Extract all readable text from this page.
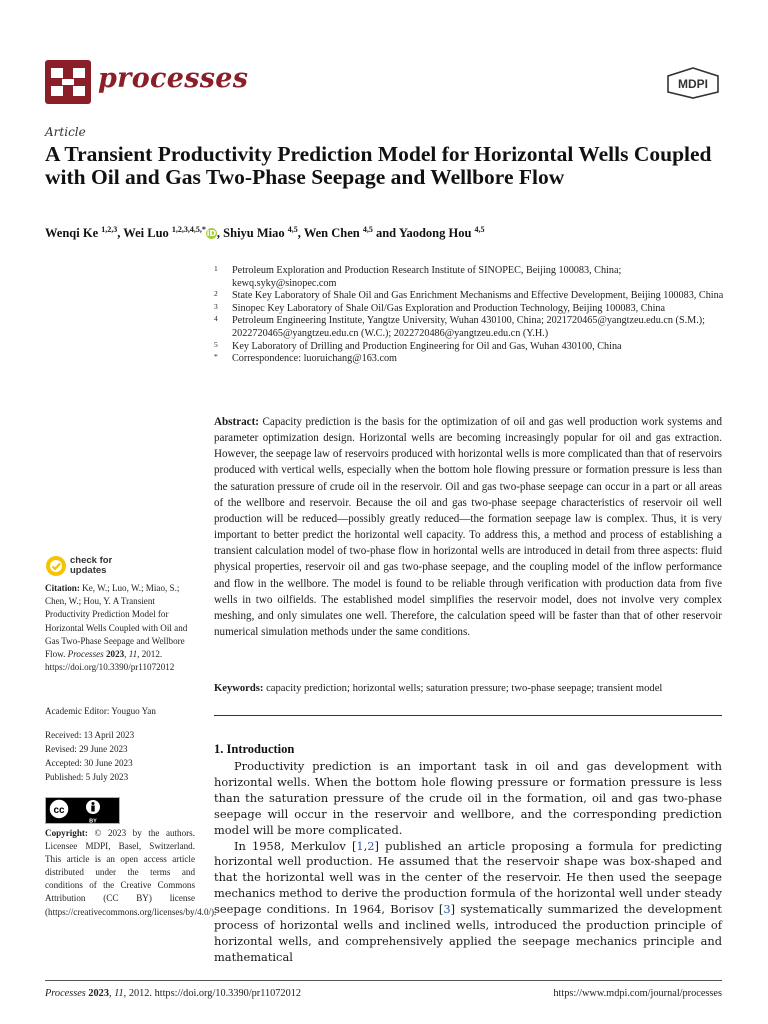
processes	MDPI
Article
A Transient Productivity Prediction Model for Horizontal Wells Coupled with Oil and Gas Two-Phase Seepage and Wellbore Flow
Wenqi Ke $^{1,2,3}$, Wei Luo $^{1,2,3,4,5,*}$iD, Shiyu Miao $^{4,5}$, Wen Chen $^{4,5}$ and Yaodong Hou $^{4,5}$
1 Petroleum Exploration and Production Research Institute of SINOPEC, Beijing 100083, China; kewq.syky@sinopec.com
2 State Key Laboratory of Shale Oil and Gas Enrichment Mechanisms and Effective Development, Beijing 100083, China
3 Sinopec Key Laboratory of Shale Oil/Gas Exploration and Production Technology, Beijing 100083, China
4 Petroleum Engineering Institute, Yangtze University, Wuhan 430100, China; 2021720465@yangtzeu.edu.cn (S.M.); 2022720465@yangtzeu.edu.cn (W.C.); 2022720486@yangtzeu.edu.cn (Y.H.)
5 Key Laboratory of Drilling and Production Engineering for Oil and Gas, Wuhan 430100, China
* Correspondence: luoruichang@163.com
Abstract: Capacity prediction is the basis for the optimization of oil and gas well production work systems and parameter optimization design. Horizontal wells are becoming increasingly popular for oil and gas extraction. However, the seepage law of reservoirs produced with horizontal wells is more complicated than that of reservoirs produced with vertical wells, especially when the bottom hole flowing pressure or formation pressure is less than the saturation pressure of crude oil in the reservoir. Oil and gas two-phase seepage can occur in a part or all areas of the wellbore and reservoir. Because the oil and gas two-phase seepage characteristics of reservoir oil well production will be reduced—possibly greatly reduced—the formation seepage law is complex. Thus, it is very important to better predict the horizontal well capacity. To address this, a method and process of establishing a transient calculation model of two-phase flow in horizontal wells are introduced in detail from three aspects: fluid physical properties, reservoir oil and gas two-phase seepage, and the coupling model of the inflow performance and flow in the wellbore. The model is found to be reliable through verification with production data from five wells in two oilfields. The established model simplifies the reservoir model, does not involve very complex meshing, and only simulates one well. Therefore, the calculation speed will be faster than that of other reservoir numerical simulation methods under the same conditions.
Keywords: capacity prediction; horizontal wells; saturation pressure; two-phase seepage; transient model
1. Introduction

Productivity prediction is an important task in oil and gas development with horizontal wells. When the bottom hole flowing pressure or formation pressure is less than the saturation pressure of the crude oil in the formation, oil and gas two-phase seepage will occur in the reservoir and wellbore, and the corresponding prediction model will be more complicated.

In 1958, Merkulov [1,2] published an article proposing a formula for predicting horizontal well production. He assumed that the reservoir shape was box-shaped and that the horizontal well was in the center of the reservoir. He then used the seepage mechanics method to derive the production formula of the horizontal well under steady seepage conditions. In 1964, Borisov [3] systematically summarized the development process of horizontal wells and inclined wells, introduced the production principle of horizontal wells, and comprehensively applied the seepage mechanics principle and mathematical

check for updates
Citation: Ke, W.; Luo, W.; Miao, S.; Chen, W.; Hou, Y. A Transient Productivity Prediction Model for Horizontal Wells Coupled with Oil and Gas Two-Phase Seepage and Wellbore Flow. Processes 2023, 11, 2012. https://doi.org/10.3390/pr11072012
Academic Editor: Youguo Yan
Received: 13 April 2023
Revised: 29 June 2023
Accepted: 30 June 2023
Published: 5 July 2023
cc
BY
Copyright: © 2023 by the authors. Licensee MDPI, Basel, Switzerland. This article is an open access article distributed under the terms and conditions of the Creative Commons Attribution (CC BY) license (https://creativecommons.org/licenses/by/4.0/).
Processes 2023, 11, 2012. https://doi.org/10.3390/pr11072012	https://www.mdpi.com/journal/processes
